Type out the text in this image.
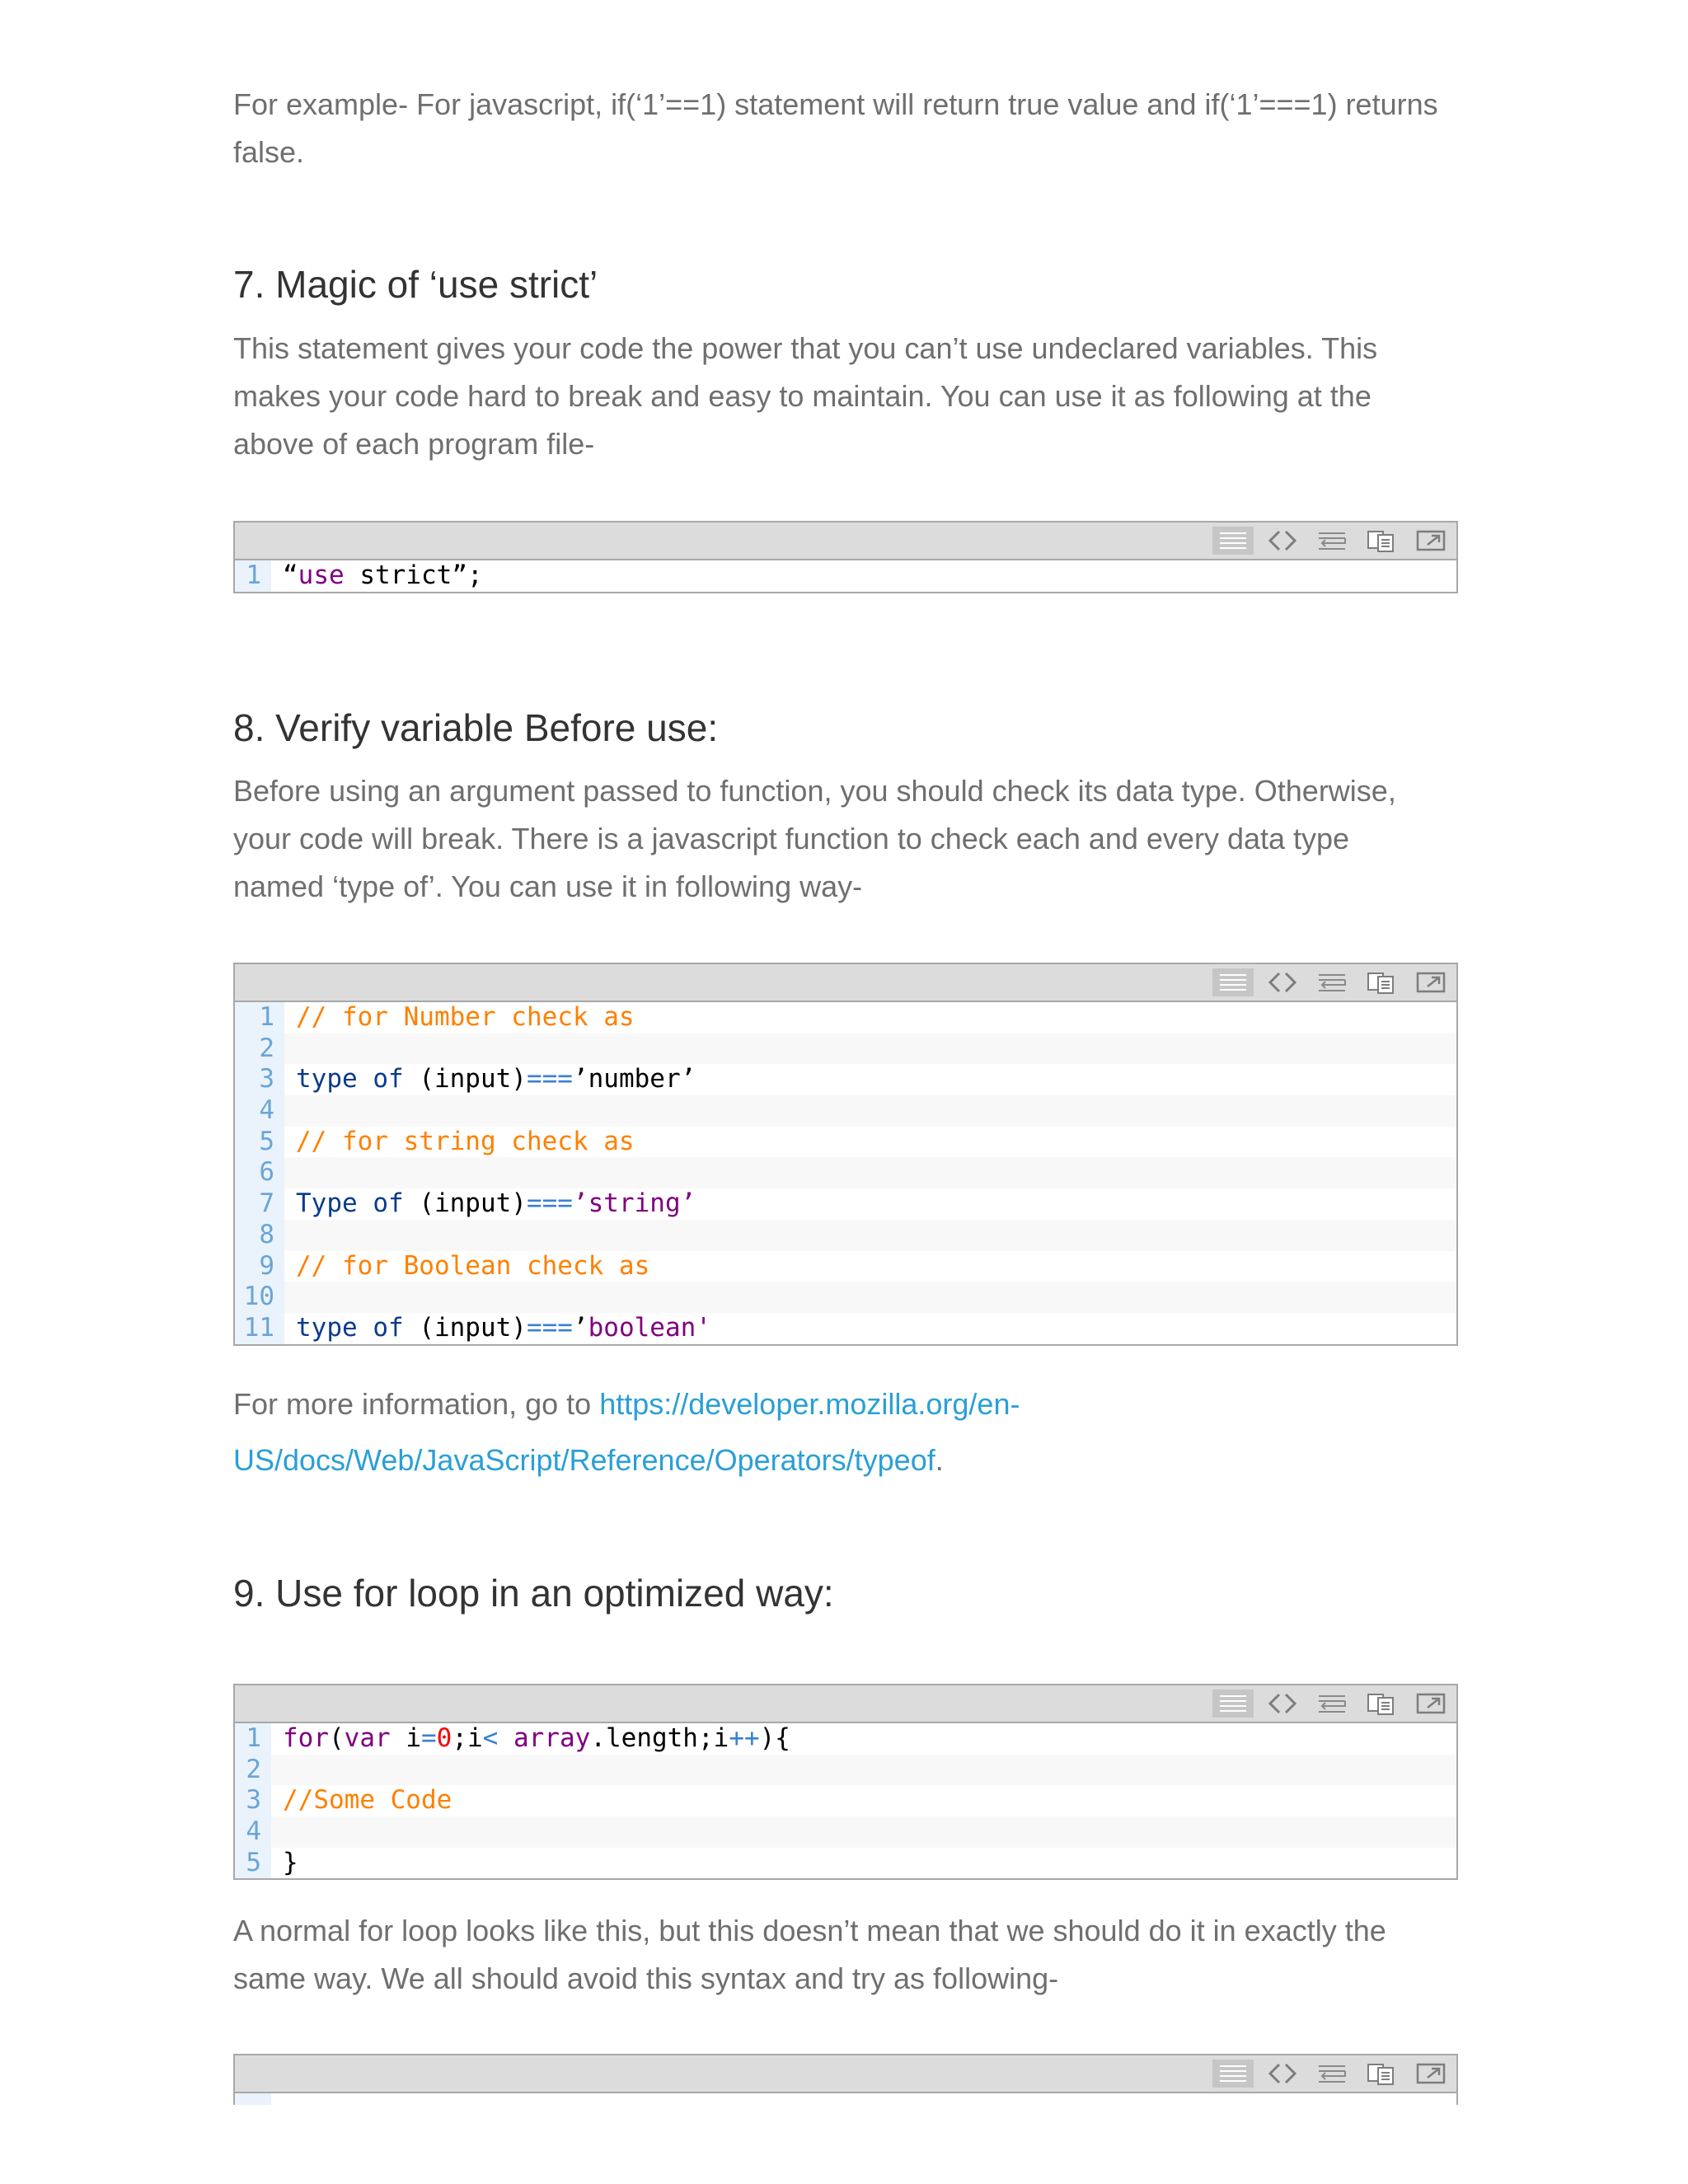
For example- For javascript, if(‘1’==1) statement will return true value and if(‘1’===1) returns

false.

7. Magic of ‘use strict’

This statement gives your code the power that you can’t use undeclared variables. This

makes your code hard to break and easy to maintain. You can use it as following at the

above of each program file-

1 “use strict”;
8. Verify variable Before use:

Before using an argument passed to function, you should check its data type. Otherwise,

your code will break. There is a javascript function to check each and every data type

named ‘type of’. You can use it in following way-

1 // for Number check as
2
3 type of (input)===’number’
4
5 // for string check as
6
7 Type of (input)===’string’
8
9 // for Boolean check as
10
11 type of (input)===’boolean'

For more information, go to https://developer.mozilla.org/en-

US/docs/Web/JavaScript/Reference/Operators/typeof.

9. Use for loop in an optimized way:
1 for(var i=0;i< array.length;i++){
2
3 //Some Code
4
5 }

A normal for loop looks like this, but this doesn’t mean that we should do it in exactly the

same way. We all should avoid this syntax and try as following-
